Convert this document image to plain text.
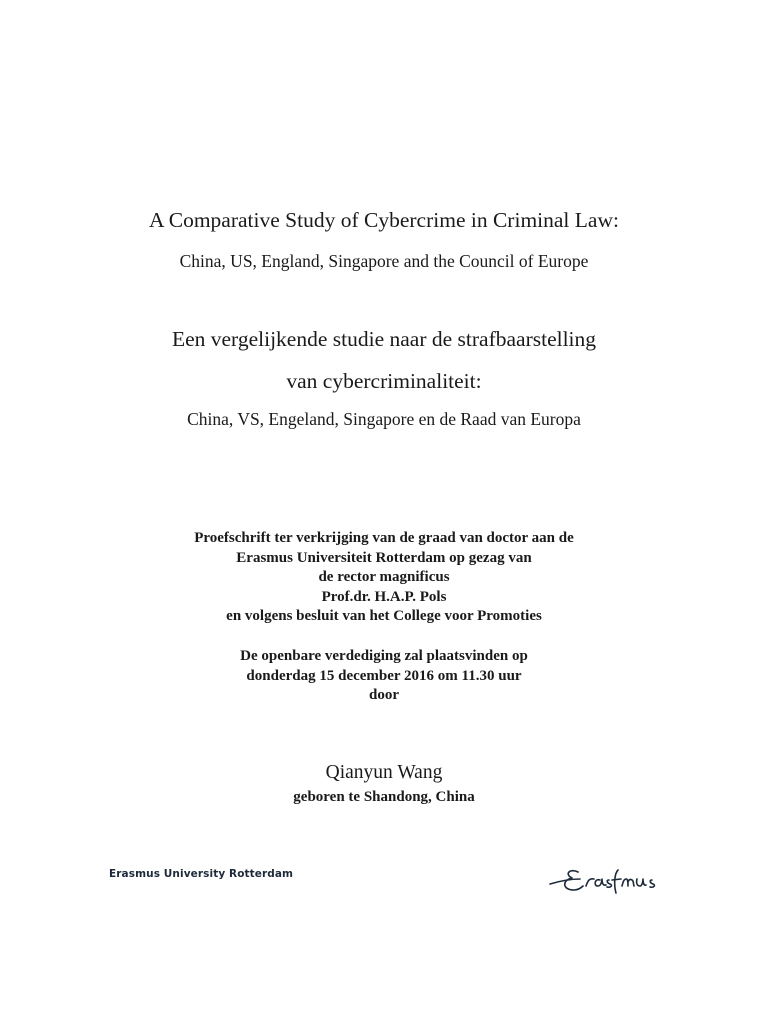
A Comparative Study of Cybercrime in Criminal Law:
China, US, England, Singapore and the Council of Europe
Een vergelijkende studie naar de strafbaarstelling
van cybercriminaliteit:
China, VS, Engeland, Singapore en de Raad van Europa
Proefschrift ter verkrijging van de graad van doctor aan de
Erasmus Universiteit Rotterdam op gezag van
de rector magnificus
Prof.dr. H.A.P. Pols
en volgens besluit van het College voor Promoties
De openbare verdediging zal plaatsvinden op
donderdag 15 december 2016 om 11.30 uur
door
Qianyun Wang
geboren te Shandong, China
Erasmus University Rotterdam
